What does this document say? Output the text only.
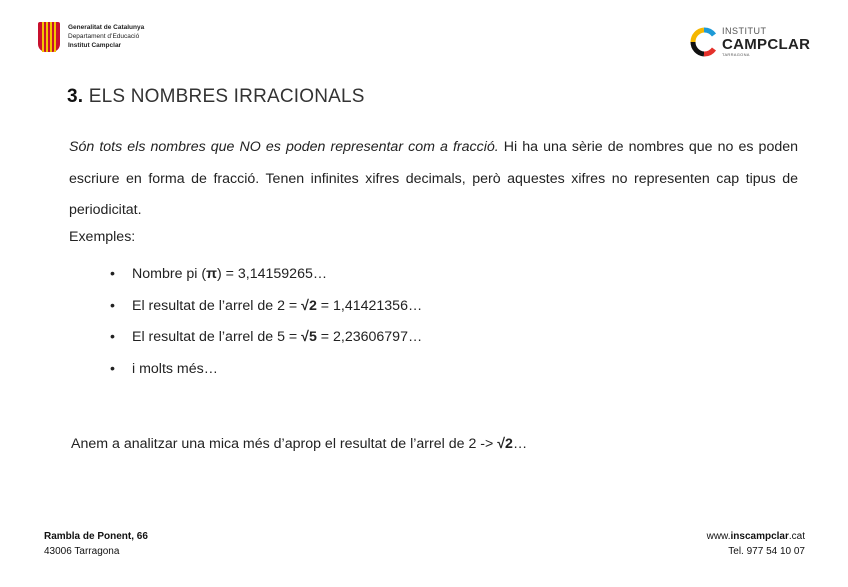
Generalitat de Catalunya
Departament d’Educació
Institut Campclar
INSTITUT
CAMPCLAR
TARRAGONA
3. ELS NOMBRES IRRACIONALS
Són tots els nombres que NO es poden representar com a fracció. Hi ha una sèrie de nombres que no es poden escriure en forma de fracció. Tenen infinites xifres decimals, però aquestes xifres no representen cap tipus de periodicitat.
Exemples:
•	Nombre pi (π) = 3,14159265…
•	El resultat de l’arrel de 2 = √2 = 1,41421356…
•	El resultat de l’arrel de 5 = √5 = 2,23606797…
•	i molts més…
Anem a analitzar una mica més d’aprop el resultat de l’arrel de 2 -> √2…
Rambla de Ponent, 66
43006 Tarragona
www.inscampclar.cat
Tel. 977 54 10 07
